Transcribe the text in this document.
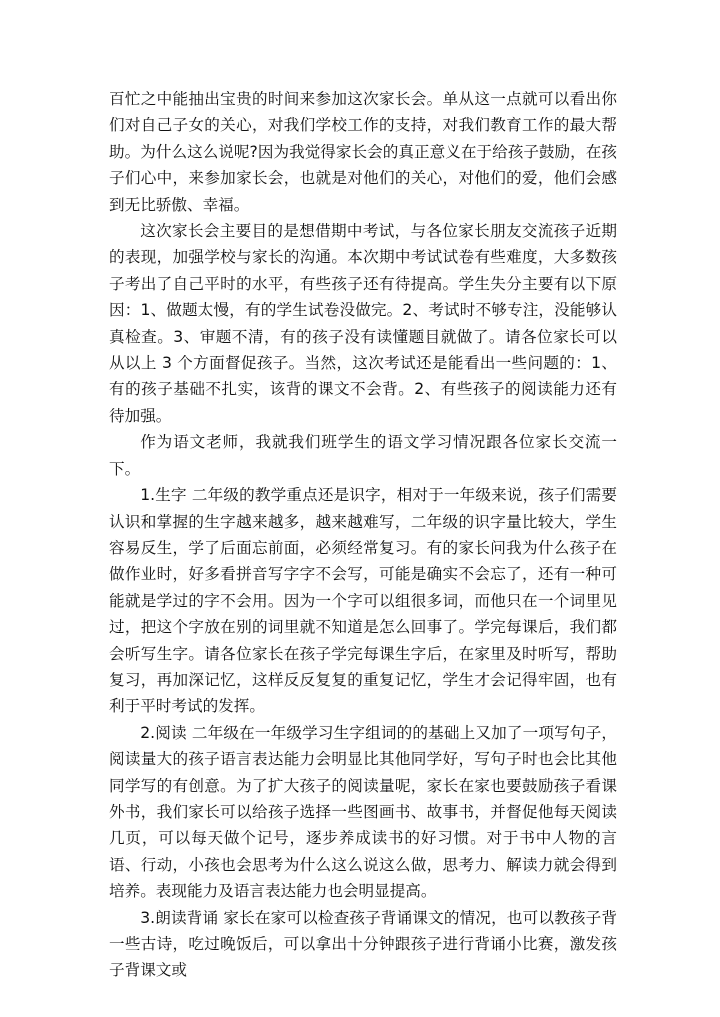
百忙之中能抽出宝贵的时间来参加这次家长会。单从这一点就可以看出你们对自己子女的关心，对我们学校工作的支持，对我们教育工作的最大帮助。为什么这么说呢?因为我觉得家长会的真正意义在于给孩子鼓励，在孩子们心中，来参加家长会，也就是对他们的关心，对他们的爱，他们会感到无比骄傲、幸福。

这次家长会主要目的是想借期中考试，与各位家长朋友交流孩子近期的表现，加强学校与家长的沟通。本次期中考试试卷有些难度，大多数孩子考出了自己平时的水平，有些孩子还有待提高。学生失分主要有以下原因：1、做题太慢，有的学生试卷没做完。2、考试时不够专注，没能够认真检查。3、审题不清，有的孩子没有读懂题目就做了。请各位家长可以从以上 3 个方面督促孩子。当然，这次考试还是能看出一些问题的：1、有的孩子基础不扎实，该背的课文不会背。2、有些孩子的阅读能力还有待加强。

作为语文老师，我就我们班学生的语文学习情况跟各位家长交流一下。

1.生字 二年级的教学重点还是识字，相对于一年级来说，孩子们需要认识和掌握的生字越来越多，越来越难写，二年级的识字量比较大，学生容易反生，学了后面忘前面，必须经常复习。有的家长问我为什么孩子在做作业时，好多看拼音写字字不会写，可能是确实不会忘了，还有一种可能就是学过的字不会用。因为一个字可以组很多词，而他只在一个词里见过，把这个字放在别的词里就不知道是怎么回事了。学完每课后，我们都会听写生字。请各位家长在孩子学完每课生字后，在家里及时听写，帮助复习，再加深记忆，这样反反复复的重复记忆，学生才会记得牢固，也有利于平时考试的发挥。

2.阅读 二年级在一年级学习生字组词的的基础上又加了一项写句子，阅读量大的孩子语言表达能力会明显比其他同学好，写句子时也会比其他同学写的有创意。为了扩大孩子的阅读量呢，家长在家也要鼓励孩子看课外书，我们家长可以给孩子选择一些图画书、故事书，并督促他每天阅读几页，可以每天做个记号，逐步养成读书的好习惯。对于书中人物的言语、行动，小孩也会思考为什么这么说这么做，思考力、解读力就会得到培养。表现能力及语言表达能力也会明显提高。

3.朗读背诵 家长在家可以检查孩子背诵课文的情况，也可以教孩子背一些古诗，吃过晚饭后，可以拿出十分钟跟孩子进行背诵小比赛，激发孩子背课文或
